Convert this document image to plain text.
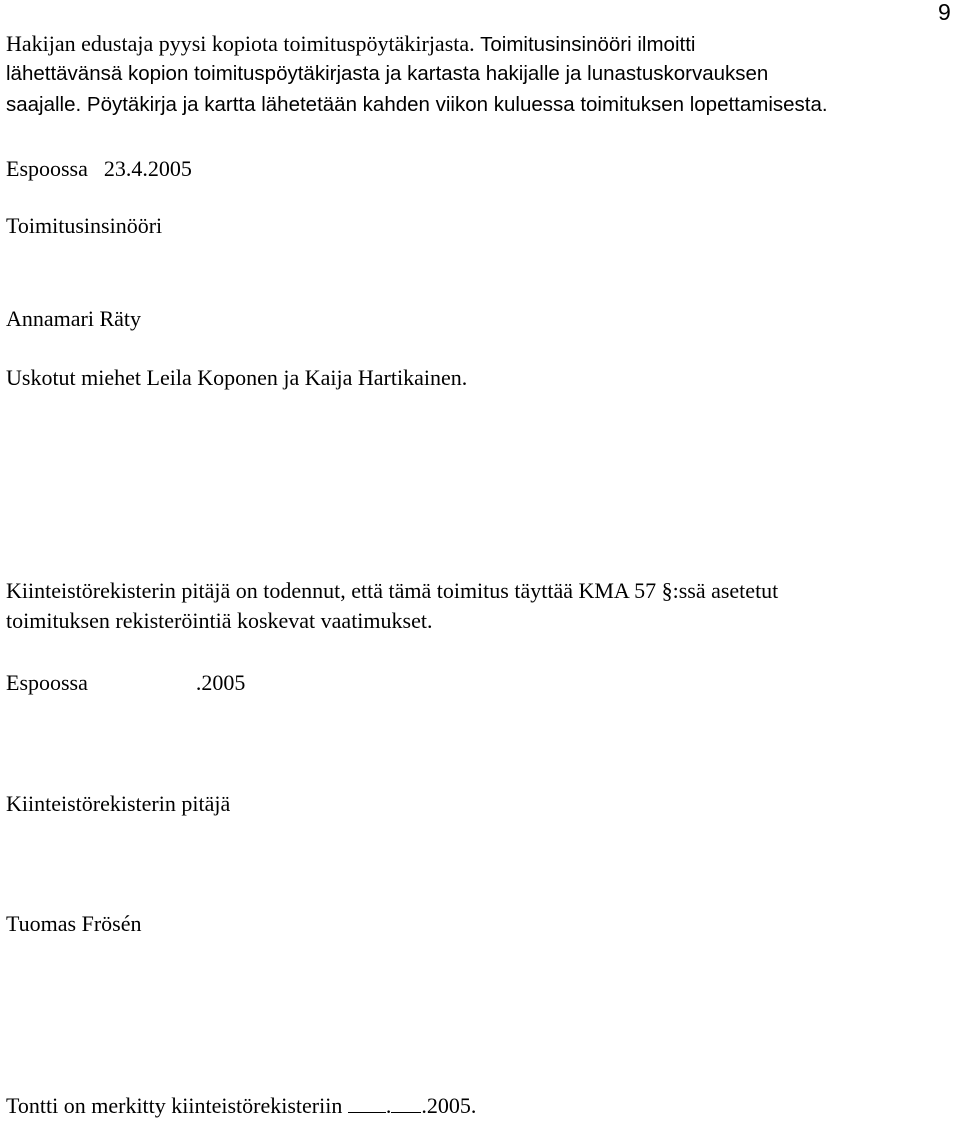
9
Hakijan edustaja pyysi kopiota toimituspöytäkirjasta. Toimitusinsinööri ilmoitti
lähettävänsä kopion toimituspöytäkirjasta ja kartasta hakijalle ja lunastuskorvauksen
saajalle. Pöytäkirja ja kartta lähetetään kahden viikon kuluessa toimituksen lopettamisesta.
Espoossa 23.4.2005
Toimitusinsinööri
Annamari Räty
Uskotut miehet Leila Koponen ja Kaija Hartikainen.
Kiinteistörekisterin pitäjä on todennut, että tämä toimitus täyttää KMA 57 §:ssä asetetut
toimituksen rekisteröintiä koskevat vaatimukset.
Espoossa	.2005
Kiinteistörekisterin pitäjä
Tuomas Frösén
Tontti on merkitty kiinteistörekisteriin . .2005.
